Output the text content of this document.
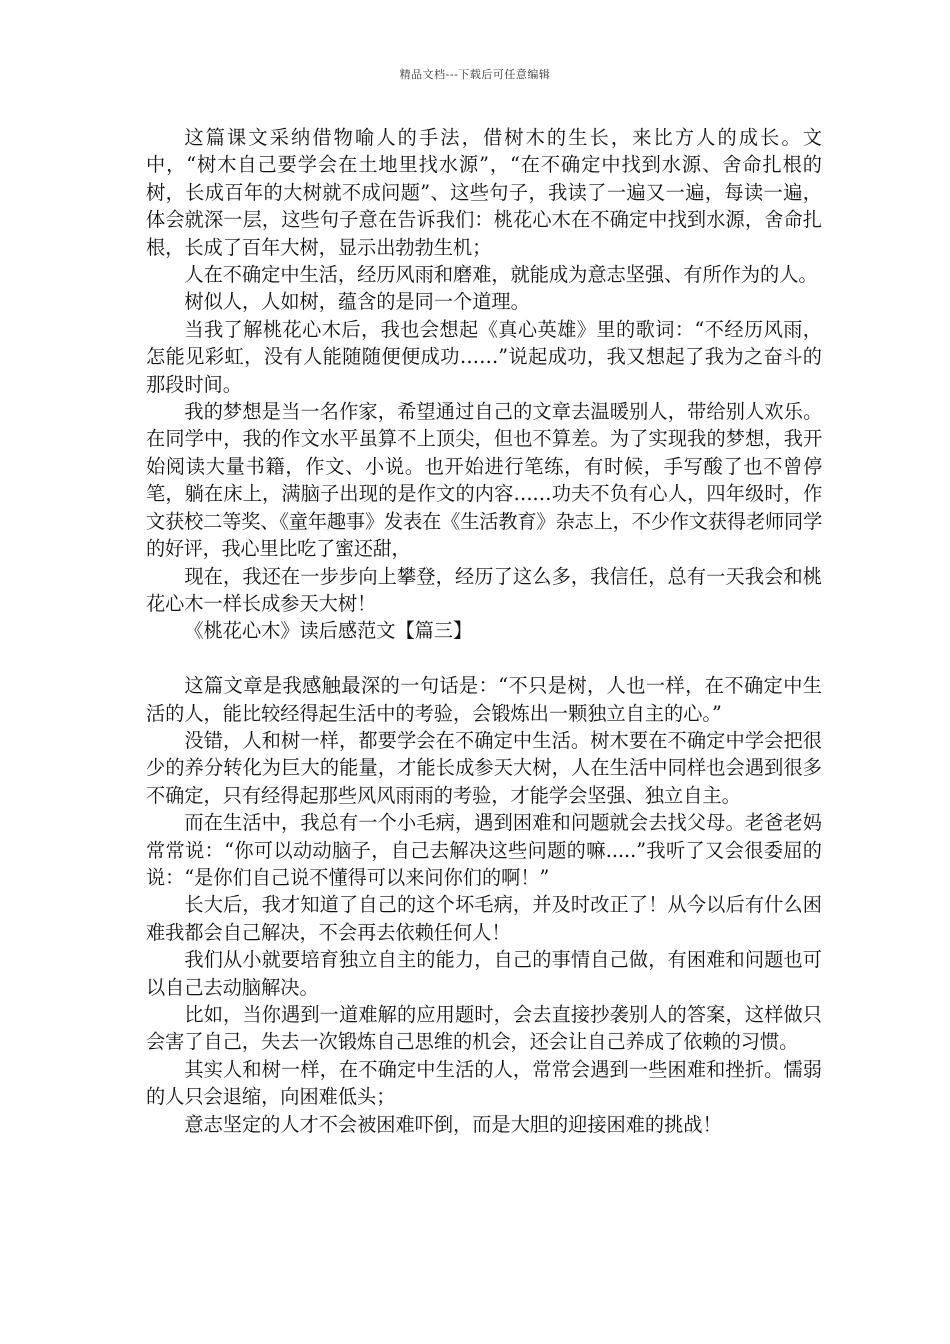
精品文档---下载后可任意编辑

这篇课文采纳借物喻人的手法，借树木的生长，来比方人的成长。文中，“树木自己要学会在土地里找水源”，“在不确定中找到水源、舍命扎根的树，长成百年的大树就不成问题”、这些句子，我读了一遍又一遍，每读一遍，体会就深一层，这些句子意在告诉我们：桃花心木在不确定中找到水源，舍命扎根，长成了百年大树，显示出勃勃生机；

人在不确定中生活，经历风雨和磨难，就能成为意志坚强、有所作为的人。

树似人，人如树，蕴含的是同一个道理。

当我了解桃花心木后，我也会想起《真心英雄》里的歌词：“不经历风雨，怎能见彩虹，没有人能随随便便成功……”说起成功，我又想起了我为之奋斗的那段时间。

我的梦想是当一名作家，希望通过自己的文章去温暖别人，带给别人欢乐。在同学中，我的作文水平虽算不上顶尖，但也不算差。为了实现我的梦想，我开始阅读大量书籍，作文、小说。也开始进行笔练，有时候，手写酸了也不曾停笔，躺在床上，满脑子出现的是作文的内容……功夫不负有心人，四年级时，作文获校二等奖、《童年趣事》发表在《生活教育》杂志上，不少作文获得老师同学的好评，我心里比吃了蜜还甜，

现在，我还在一步步向上攀登，经历了这么多，我信任，总有一天我会和桃花心木一样长成参天大树！

《桃花心木》读后感范文【篇三】

这篇文章是我感触最深的一句话是：“不只是树，人也一样，在不确定中生活的人，能比较经得起生活中的考验，会锻炼出一颗独立自主的心。”

没错，人和树一样，都要学会在不确定中生活。树木要在不确定中学会把很少的养分转化为巨大的能量，才能长成参天大树，人在生活中同样也会遇到很多不确定，只有经得起那些风风雨雨的考验，才能学会坚强、独立自主。

而在生活中，我总有一个小毛病，遇到困难和问题就会去找父母。老爸老妈常常说：“你可以动动脑子，自己去解决这些问题的嘛.....”我听了又会很委屈的说：“是你们自己说不懂得可以来问你们的啊！”

长大后，我才知道了自己的这个坏毛病，并及时改正了！从今以后有什么困难我都会自己解决，不会再去依赖任何人！

我们从小就要培育独立自主的能力，自己的事情自己做，有困难和问题也可以自己去动脑解决。

比如，当你遇到一道难解的应用题时，会去直接抄袭别人的答案，这样做只会害了自己，失去一次锻炼自己思维的机会，还会让自己养成了依赖的习惯。

其实人和树一样，在不确定中生活的人，常常会遇到一些困难和挫折。懦弱的人只会退缩，向困难低头；

意志坚定的人才不会被困难吓倒，而是大胆的迎接困难的挑战！
